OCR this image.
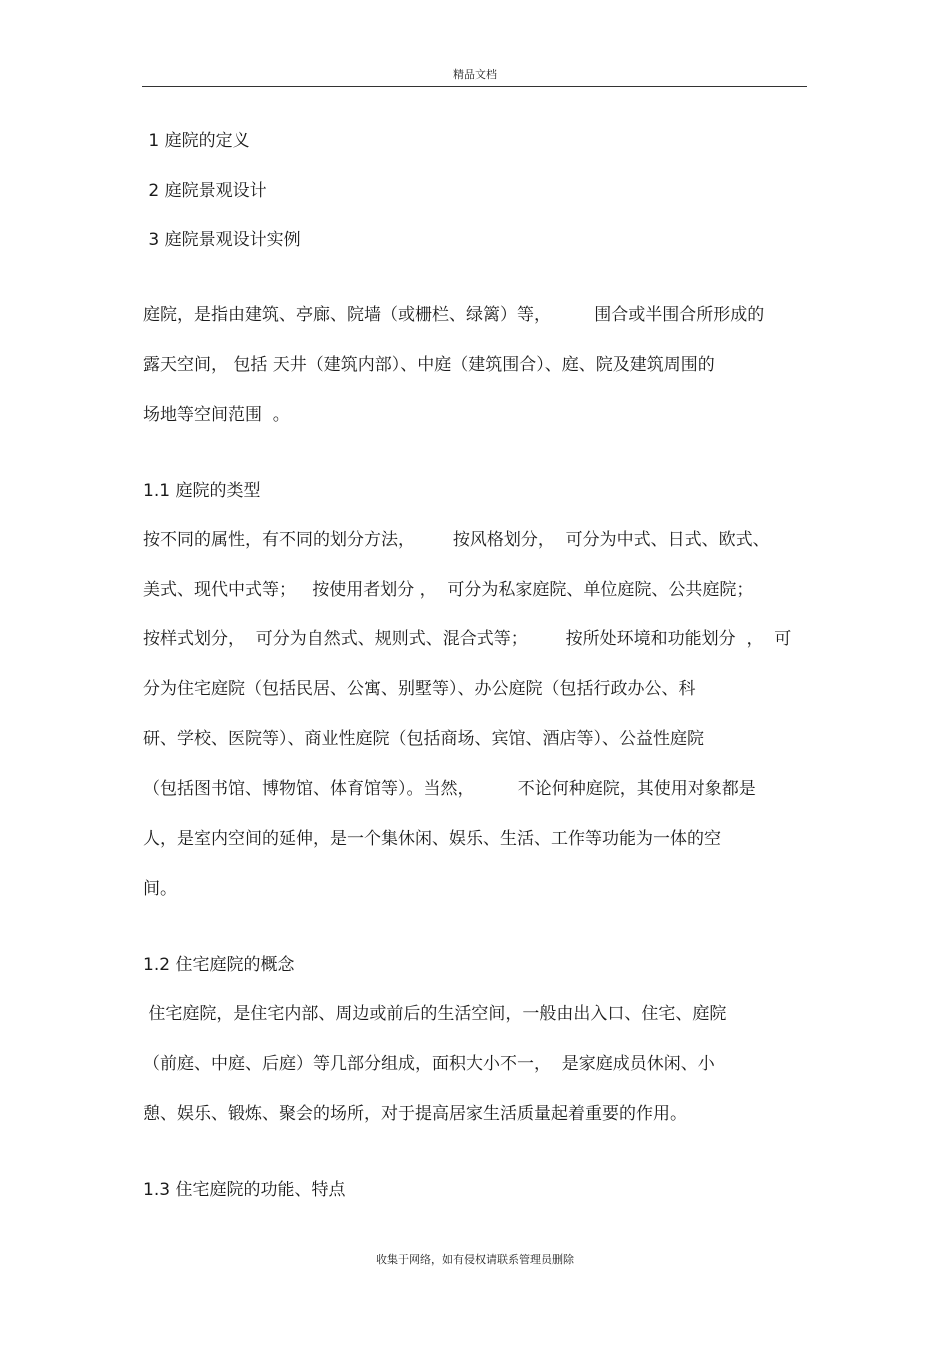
精品文档
1 庭院的定义
2 庭院景观设计
3 庭院景观设计实例
庭院，是指由建筑、亭廊、院墙（或栅栏、绿篱）等，        围合或半围合所形成的
露天空间， 包括 天井（建筑内部）、中庭（建筑围合）、庭、院及建筑周围的
场地等空间范围  。
1.1 庭院的类型
按不同的属性，有不同的划分方法，       按风格划分，  可分为中式、日式、欧式、
美式、现代中式等；   按使用者划分 ，  可分为私家庭院、单位庭院、公共庭院；
按样式划分，  可分为自然式、规则式、混合式等；       按所处环境和功能划分  ，  可
分为住宅庭院（包括民居、公寓、别墅等）、办公庭院（包括行政办公、科
研、学校、医院等）、商业性庭院（包括商场、宾馆、酒店等）、公益性庭院
（包括图书馆、博物馆、体育馆等）。当然，        不论何种庭院，其使用对象都是
人，是室内空间的延伸，是一个集休闲、娱乐、生活、工作等功能为一体的空
间。
1.2 住宅庭院的概念
住宅庭院，是住宅内部、周边或前后的生活空间，一般由出入口、住宅、庭院
（前庭、中庭、后庭）等几部分组成，面积大小不一，  是家庭成员休闲、小
憩、娱乐、锻炼、聚会的场所，对于提高居家生活质量起着重要的作用。
1.3 住宅庭院的功能、特点
收集于网络，如有侵权请联系管理员删除
